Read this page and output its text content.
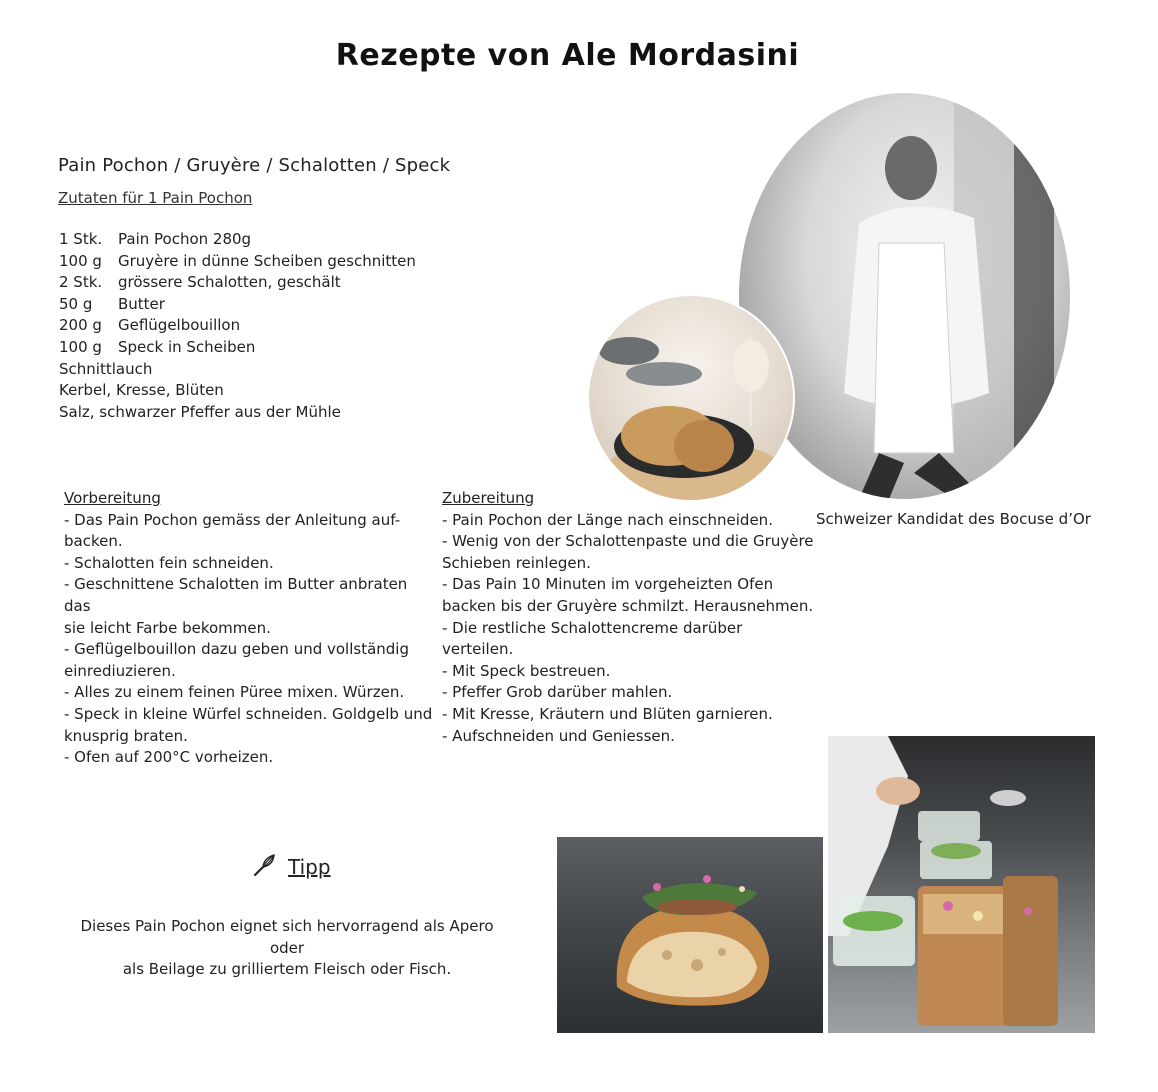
Rezepte von Ale Mordasini
Pain Pochon / Gruyère / Schalotten / Speck
Zutaten für 1 Pain Pochon
1 Stk.	Pain Pochon 280g
100 g	Gruyère in dünne Scheiben geschnitten
2 Stk.	grössere Schalotten, geschält
50 g	Butter
200 g	Geflügelbouillon
100 g	Speck in Scheiben
Schnittlauch
Kerbel, Kresse, Blüten
Salz, schwarzer Pfeffer aus der Mühle
Vorbereitung
- Das Pain Pochon gemäss der Anleitung auf-
backen.
- Schalotten fein schneiden.
- Geschnittene Schalotten im Butter anbraten das
sie leicht Farbe bekommen.
- Geflügelbouillon dazu geben und vollständig
einrediuzieren.
- Alles zu einem feinen Püree mixen. Würzen.
- Speck in kleine Würfel schneiden. Goldgelb und
knusprig braten.
- Ofen auf 200°C vorheizen.
Zubereitung
- Pain Pochon der Länge nach einschneiden.
- Wenig von der Schalottenpaste und die Gruyère
Schieben reinlegen.
- Das Pain 10 Minuten im vorgeheizten Ofen
backen bis der Gruyère schmilzt. Herausnehmen.
- Die restliche Schalottencreme darüber verteilen.
- Mit Speck bestreuen.
- Pfeffer Grob darüber mahlen.
- Mit Kresse, Kräutern und Blüten garnieren.
- Aufschneiden und Geniessen.
Schweizer Kandidat des Bocuse d’Or
Tipp
Dieses Pain Pochon eignet sich hervorragend als Apero oder
als Beilage zu grilliertem Fleisch oder Fisch.
